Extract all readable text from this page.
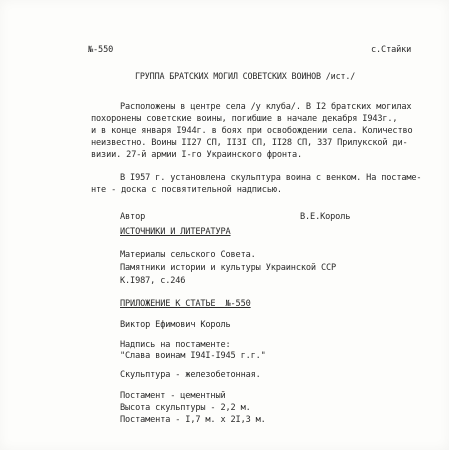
№-550	с.Стайки
ГРУППА БРАТСКИХ МОГИЛ СОВЕТСКИХ ВОИНОВ /ист./
Расположены в центре села /у клуба/. В I2 братских могилах
похоронены советские воины, погибшие в начале декабря I943г.,
и в конце января I944г. в боях при освобождении села. Количество
неизвестно. Воины II27 СП, II3I СП, II28 СП, 337 Прилукской ди-
визии. 27-й армии I-го Украинского фронта.
В I957 г. установлена скульптура воина с венком. На постаме-
нте - доска с посвятительной надписью.
Автор	В.Е.Король
ИСТОЧНИКИ И ЛИТЕРАТУРА
Материалы сельского Совета.
Памятники истории и культуры Украинской ССР
К.I987, с.246
ПРИЛОЖЕНИЕ К СТАТЬЕ  №-550
Виктор Ефимович Король
Надпись на постаменте:
"Слава воинам I94I-I945 г.г."
Скульптура - железобетонная.
Постамент - цементный
Высота скульптуры - 2,2 м.
Постамента - I,7 м. х 2I,3 м.
